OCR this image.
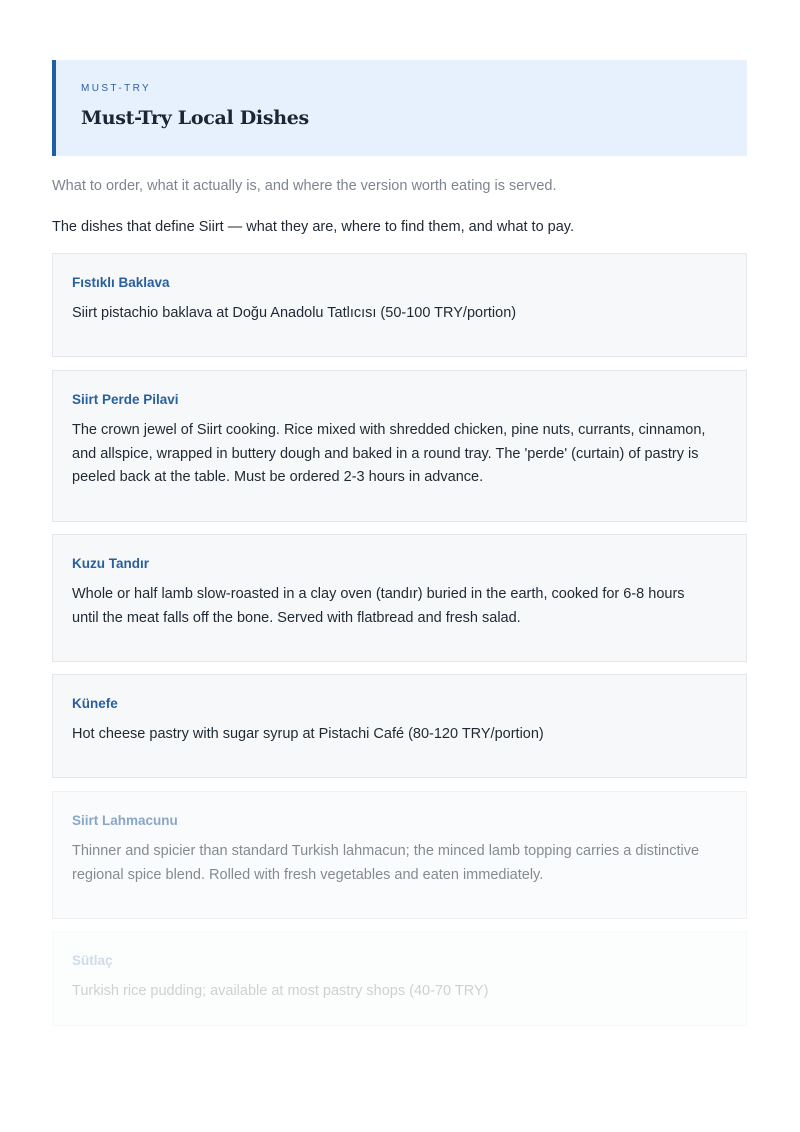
MUST-TRY
Must-Try Local Dishes

What to order, what it actually is, and where the version worth eating is served.

The dishes that define Siirt — what they are, where to find them, and what to pay.

Fıstıklı Baklava
Siirt pistachio baklava at Doğu Anadolu Tatlıcısı (50-100 TRY/portion)
Siirt Perde Pilavi
The crown jewel of Siirt cooking. Rice mixed with shredded chicken, pine nuts, currants, cinnamon, and allspice, wrapped in buttery dough and baked in a round tray. The 'perde' (curtain) of pastry is peeled back at the table. Must be ordered 2-3 hours in advance.
Kuzu Tandır
Whole or half lamb slow-roasted in a clay oven (tandır) buried in the earth, cooked for 6-8 hours until the meat falls off the bone. Served with flatbread and fresh salad.
Künefe
Hot cheese pastry with sugar syrup at Pistachi Café (80-120 TRY/portion)
Siirt Lahmacunu
Thinner and spicier than standard Turkish lahmacun; the minced lamb topping carries a distinctive regional spice blend. Rolled with fresh vegetables and eaten immediately.
Sütlaç
Turkish rice pudding; available at most pastry shops (40-70 TRY)
